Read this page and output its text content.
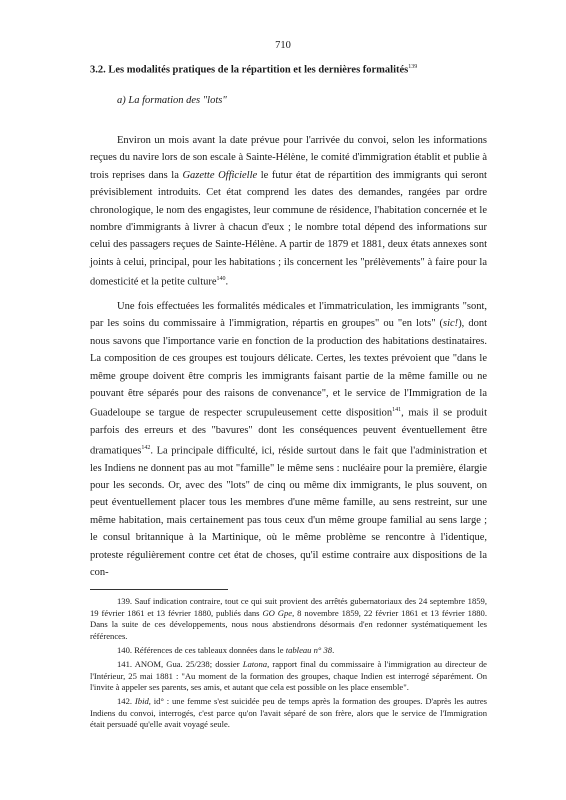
710
3.2. Les modalités pratiques de la répartition et les dernières formalités$^{139}$
a) La formation des "lots"

Environ un mois avant la date prévue pour l'arrivée du convoi, selon les informations reçues du navire lors de son escale à Sainte-Hélène, le comité d'immigration établit et publie à trois reprises dans la Gazette Officielle le futur état de répartition des immigrants qui seront prévisiblement introduits. Cet état comprend les dates des demandes, rangées par ordre chronologique, le nom des engagistes, leur commune de résidence, l'habitation concernée et le nombre d'immigrants à livrer à chacun d'eux ; le nombre total dépend des informations sur celui des passagers reçues de Sainte-Hélène. A partir de 1879 et 1881, deux états annexes sont joints à celui, principal, pour les habitations ; ils concernent les "prélèvements" à faire pour la domesticité et la petite culture$^{140}$.

Une fois effectuées les formalités médicales et l'immatriculation, les immigrants "sont, par les soins du commissaire à l'immigration, répartis en groupes" ou "en lots" (sic!), dont nous savons que l'importance varie en fonction de la production des habitations destinataires. La composition de ces groupes est toujours délicate. Certes, les textes prévoient que "dans le même groupe doivent être compris les immigrants faisant partie de la même famille ou ne pouvant être séparés pour des raisons de convenance", et le service de l'Immigration de la Guadeloupe se targue de respecter scrupuleusement cette disposition$^{141}$, mais il se produit parfois des erreurs et des "bavures" dont les conséquences peuvent éventuellement être dramatiques$^{142}$. La principale difficulté, ici, réside surtout dans le fait que l'administration et les Indiens ne donnent pas au mot "famille" le même sens : nucléaire pour la première, élargie pour les seconds. Or, avec des "lots" de cinq ou même dix immigrants, le plus souvent, on peut éventuellement placer tous les membres d'une même famille, au sens restreint, sur une même habitation, mais certainement pas tous ceux d'un même groupe familial au sens large ; le consul britannique à la Martinique, où le même problème se rencontre à l'identique, proteste régulièrement contre cet état de choses, qu'il estime contraire aux dispositions de la con-

139. Sauf indication contraire, tout ce qui suit provient des arrêtés gubernatoriaux des 24 septembre 1859, 19 février 1861 et 13 février 1880, publiés dans GO Gpe, 8 novembre 1859, 22 février 1861 et 13 février 1880. Dans la suite de ces développements, nous nous abstiendrons désormais d'en redonner systématiquement les références.

140. Références de ces tableaux données dans le tableau n° 38.

141. ANOM, Gua. 25/238; dossier Latona, rapport final du commissaire à l'immigration au directeur de l'Intérieur, 25 mai 1881 : "Au moment de la formation des groupes, chaque Indien est interrogé séparément. On l'invite à appeler ses parents, ses amis, et autant que cela est possible on les place ensemble".

142. Ibid, id° : une femme s'est suicidée peu de temps après la formation des groupes. D'après les autres Indiens du convoi, interrogés, c'est parce qu'on l'avait séparé de son frère, alors que le service de l'Immigration était persuadé qu'elle avait voyagé seule.
